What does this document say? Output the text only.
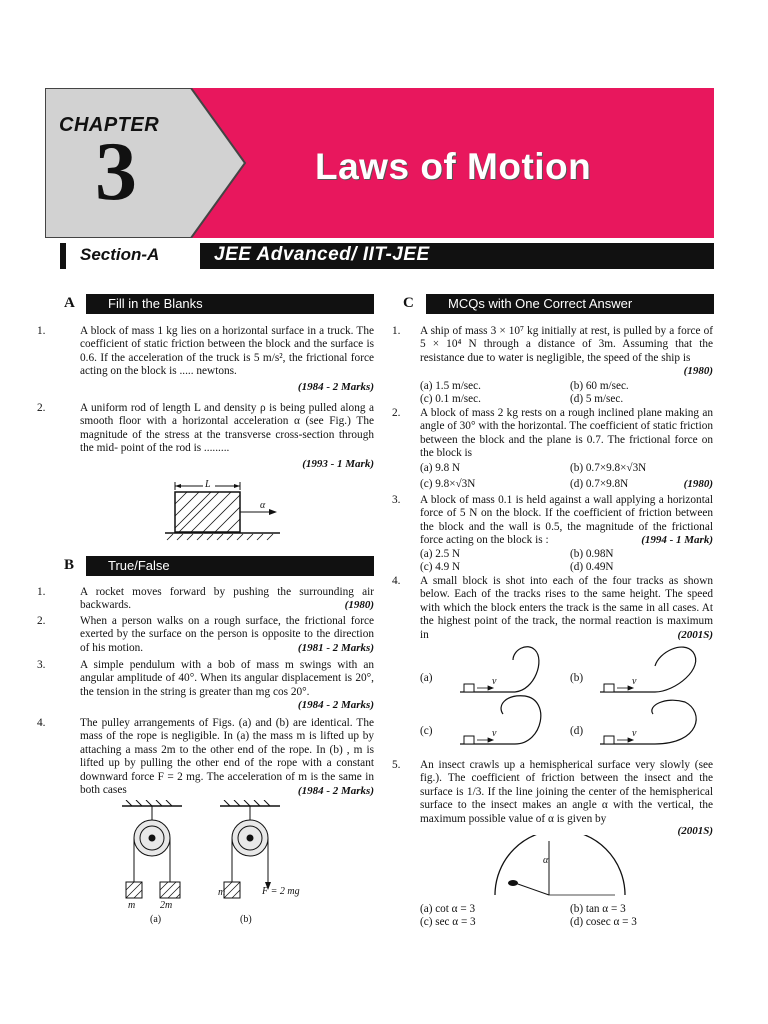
CHAPTER
3	Laws of Motion
Section-A	JEE Advanced/ IIT-JEE
A	Fill in the Blanks
1.	A block of mass 1 kg lies on a horizontal surface in a truck. The coefficient of static friction between the block and the surface is 0.6. If the acceleration of the truck is 5 m/s², the frictional force acting on the block is ..... newtons.
(1984 - 2 Marks)
2.	A uniform rod of length L and density ρ is being pulled along a smooth floor with a horizontal acceleration α (see Fig.) The magnitude of the stress at the transverse cross-section through the mid- point of the rod is .........
(1993 - 1 Mark)
L
α
B	True/False
1.	A rocket moves forward by pushing the surrounding air backwards.	(1980)
2.	When a person walks on a rough surface, the frictional force exerted by the surface on the person is opposite to the direction of his motion.	(1981 - 2 Marks)
3.	A simple pendulum with a bob of mass m swings with an angular amplitude of 40°. When its angular displacement is 20°, the tension in the string is greater than mg cos 20°.
(1984 - 2 Marks)
4.	The pulley arrangements of Figs. (a) and (b) are identical. The mass of the rope is negligible. In (a) the mass m is lifted up by attaching a mass 2m to the other end of the rope. In (b) , m is lifted up by pulling the other end of the rope with a constant downward force F = 2 mg. The acceleration of m is the same in both cases	(1984 - 2 Marks)
m 2m
(a)
m	F = 2 mg
(b)
C	MCQs with One Correct Answer
1. A ship of mass 3 × 10⁷ kg initially at rest, is pulled by a force of 5 × 10⁴ N through a distance of 3m. Assuming that the resistance due to water is negligible, the speed of the ship is
(1980)
(a) 1.5 m/sec.	(b) 60 m/sec.
(c) 0.1 m/sec.	(d) 5 m/sec.
2. A block of mass 2 kg rests on a rough inclined plane making an angle of 30° with the horizontal. The coefficient of static friction between the block and the plane is 0.7. The frictional force on the block is
(a) 9.8 N	(b) 0.7×9.8×√3N
(c) 9.8×√3N	(d) 0.7×9.8N	(1980)
3. A block of mass 0.1 is held against a wall applying a horizontal force of 5 N on the block. If the coefficient of friction between the block and the wall is 0.5, the magnitude of the frictional force acting on the block is :	(1994 - 1 Mark)
(a) 2.5 N	(b) 0.98N
(c) 4.9 N	(d) 0.49N
4. A small block is shot into each of the four tracks as shown below. Each of the tracks rises to the same height. The speed with which the block enters the track is the same in all cases. At the highest point of the track, the normal reaction is maximum in	(2001S)
(a)	(b)
(c)	(d)
v	v
v	v
5. An insect crawls up a hemispherical surface very slowly (see fig.). The coefficient of friction between the insect and the surface is 1/3. If the line joining the center of the hemispherical surface to the insect makes an angle α with the vertical, the maximum possible value of α is given by
(2001S)
α
(a) cot α = 3	(b) tan α = 3
(c) sec α = 3	(d) cosec α = 3
